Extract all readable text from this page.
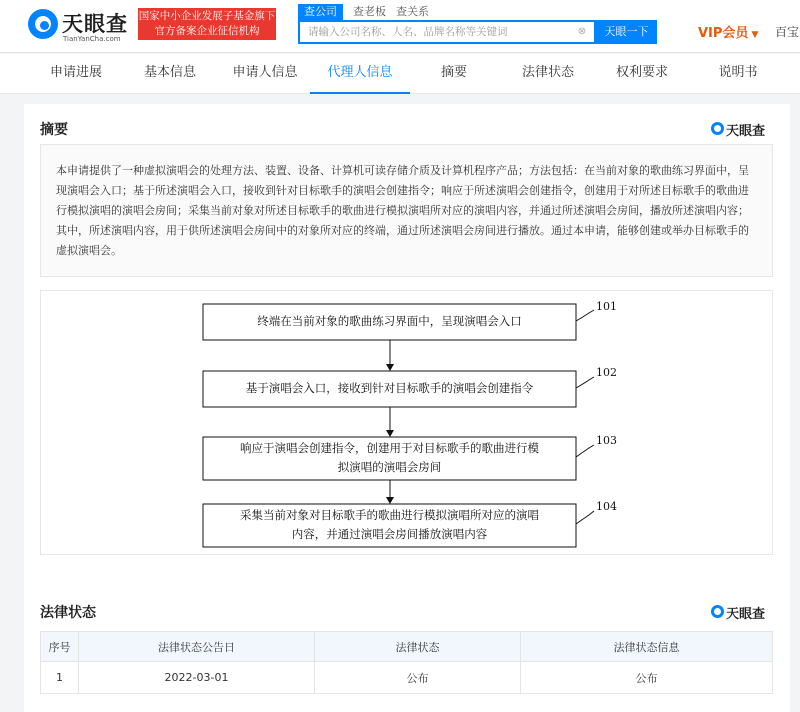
天眼查
TianYanCha.com
国家中小企业发展子基金旗下
官方备案企业征信机构
查公司	查老板 查关系
请输入公司名称、人名、品牌名称等关键词
⊗	天眼一下	VIP会员 ▼ 百宝
申请进展	基本信息	申请人信息	代理人信息	摘要	法律状态	权利要求	说明书
摘要	天眼查
本申请提供了一种虚拟演唱会的处理方法、装置、设备、计算机可读存储介质及计算机程序产品；方法包括：在当前对象的歌曲练习界面中，呈现演唱会入口；基于所述演唱会入口，接收到针对目标歌手的演唱会创建指令；响应于所述演唱会创建指令，创建用于对所述目标歌手的歌曲进行模拟演唱的演唱会房间；采集当前对象对所述目标歌手的歌曲进行模拟演唱所对应的演唱内容，并通过所述演唱会房间，播放所述演唱内容；其中，所述演唱内容，用于供所述演唱会房间中的对象所对应的终端，通过所述演唱会房间进行播放。通过本申请，能够创建或举办目标歌手的虚拟演唱会。
终端在当前对象的歌曲练习界面中，呈现演唱会入口
101
基于演唱会入口，接收到针对目标歌手的演唱会创建指令
102
响应于演唱会创建指令，创建用于对目标歌手的歌曲进行模
拟演唱的演唱会房间
103
采集当前对象对目标歌手的歌曲进行模拟演唱所对应的演唱
内容，并通过演唱会房间播放演唱内容
104
法律状态	天眼查
序号	法律状态公告日	法律状态	法律状态信息
1	2022-03-01	公布	公布
